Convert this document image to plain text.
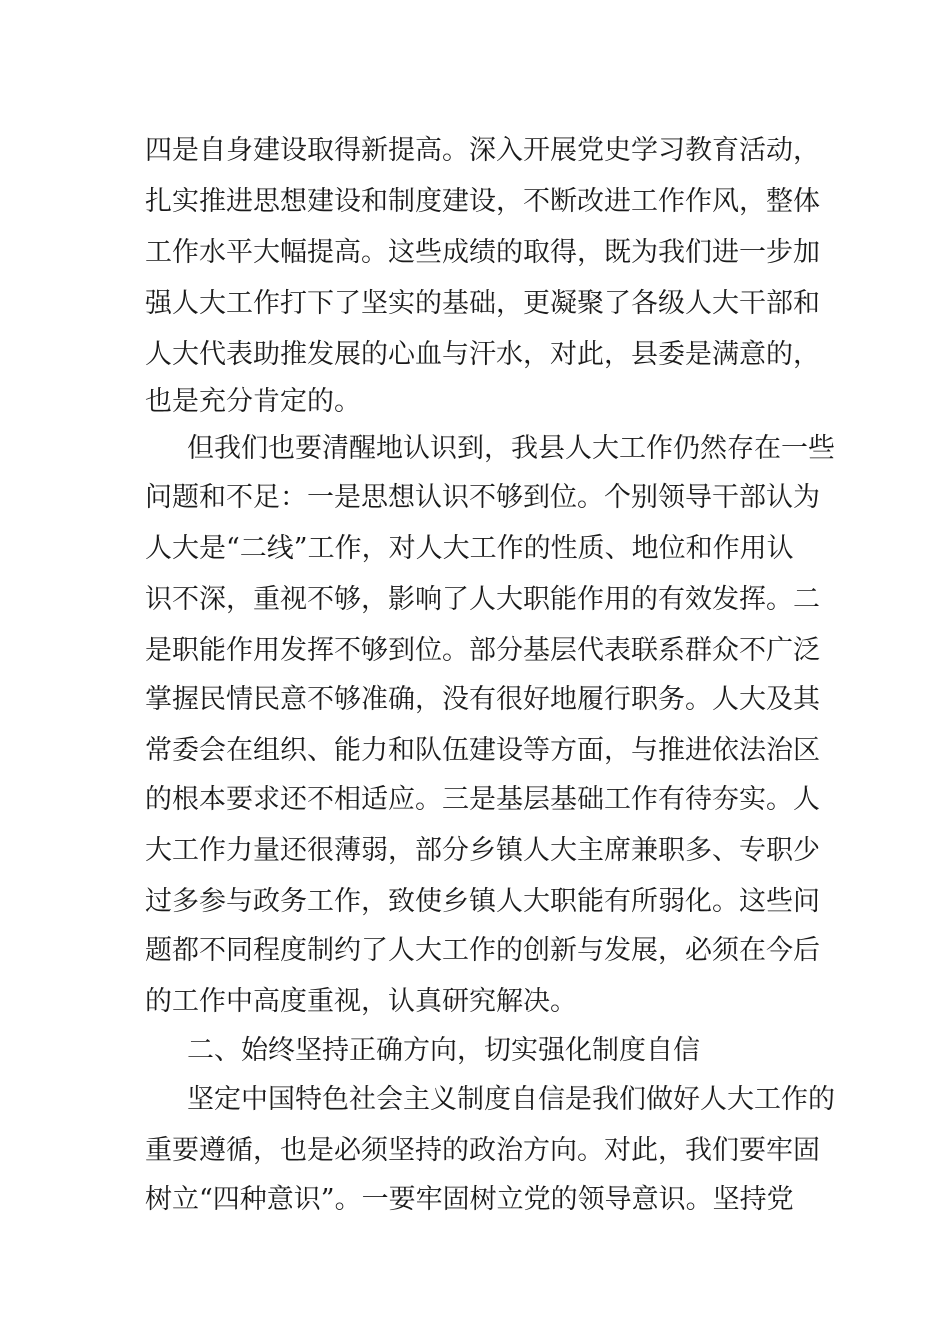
四是自身建设取得新提高。深入开展党史学习教育活动，
扎实推进思想建设和制度建设，不断改进工作作风，整体
工作水平大幅提高。这些成绩的取得，既为我们进一步加
强人大工作打下了坚实的基础，更凝聚了各级人大干部和
人大代表助推发展的心血与汗水，对此，县委是满意的，
也是充分肯定的。
但我们也要清醒地认识到，我县人大工作仍然存在一些
问题和不足：一是思想认识不够到位。个别领导干部认为
人大是“二线”工作，对人大工作的性质、地位和作用认
识不深，重视不够，影响了人大职能作用的有效发挥。二
是职能作用发挥不够到位。部分基层代表联系群众不广泛
掌握民情民意不够准确，没有很好地履行职务。人大及其
常委会在组织、能力和队伍建设等方面，与推进依法治区
的根本要求还不相适应。三是基层基础工作有待夯实。人
大工作力量还很薄弱，部分乡镇人大主席兼职多、专职少
过多参与政务工作，致使乡镇人大职能有所弱化。这些问
题都不同程度制约了人大工作的创新与发展，必须在今后
的工作中高度重视，认真研究解决。
二、始终坚持正确方向，切实强化制度自信
坚定中国特色社会主义制度自信是我们做好人大工作的
重要遵循，也是必须坚持的政治方向。对此，我们要牢固
树立“四种意识”。一要牢固树立党的领导意识。坚持党
